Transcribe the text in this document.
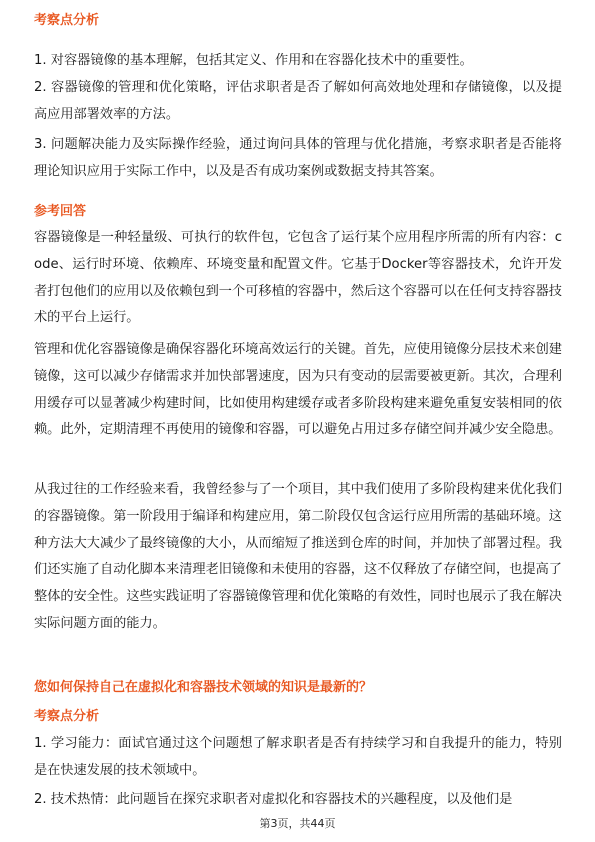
考察点分析

1. 对容器镜像的基本理解，包括其定义、作用和在容器化技术中的重要性。

2. 容器镜像的管理和优化策略，评估求职者是否了解如何高效地处理和存储镜像，以及提高应用部署效率的方法。

3. 问题解决能力及实际操作经验，通过询问具体的管理与优化措施，考察求职者是否能将理论知识应用于实际工作中，以及是否有成功案例或数据支持其答案。

参考回答

容器镜像是一种轻量级、可执行的软件包，它包含了运行某个应用程序所需的所有内容：code、运行时环境、依赖库、环境变量和配置文件。它基于Docker等容器技术，允许开发者打包他们的应用以及依赖包到一个可移植的容器中，然后这个容器可以在任何支持容器技术的平台上运行。

管理和优化容器镜像是确保容器化环境高效运行的关键。首先，应使用镜像分层技术来创建镜像，这可以减少存储需求并加快部署速度，因为只有变动的层需要被更新。其次，合理利用缓存可以显著减少构建时间，比如使用构建缓存或者多阶段构建来避免重复安装相同的依赖。此外，定期清理不再使用的镜像和容器，可以避免占用过多存储空间并减少安全隐患。

从我过往的工作经验来看，我曾经参与了一个项目，其中我们使用了多阶段构建来优化我们的容器镜像。第一阶段用于编译和构建应用，第二阶段仅包含运行应用所需的基础环境。这种方法大大减少了最终镜像的大小，从而缩短了推送到仓库的时间，并加快了部署过程。我们还实施了自动化脚本来清理老旧镜像和未使用的容器，这不仅释放了存储空间，也提高了整体的安全性。这些实践证明了容器镜像管理和优化策略的有效性，同时也展示了我在解决实际问题方面的能力。

您如何保持自己在虚拟化和容器技术领域的知识是最新的？
考察点分析

1. 学习能力：面试官通过这个问题想了解求职者是否有持续学习和自我提升的能力，特别是在快速发展的技术领域中。

2. 技术热情：此问题旨在探究求职者对虚拟化和容器技术的兴趣程度，以及他们是

第3页，共44页
